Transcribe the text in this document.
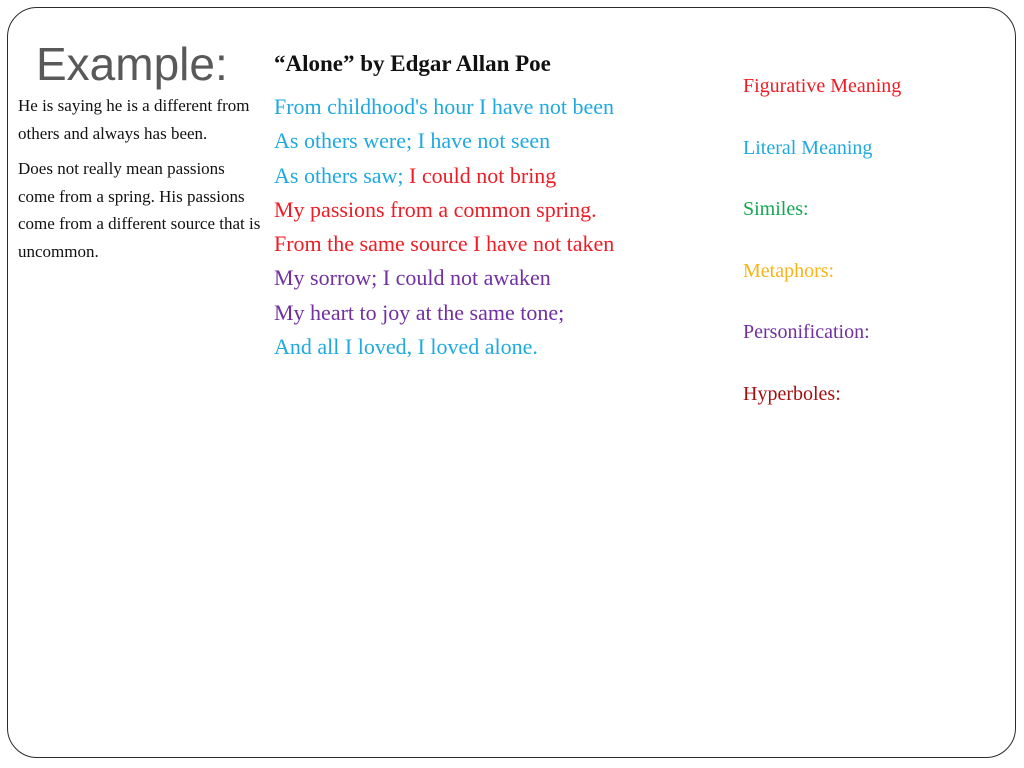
Example:

He is saying he is a different from others and always has been.

Does not really mean passions come from a spring. His passions come from a different source that is uncommon.

“Alone” by Edgar Allan Poe
From childhood's hour I have not been
As others were; I have not seen
As others saw; I could not bring
My passions from a common spring.
From the same source I have not taken
My sorrow; I could not awaken
My heart to joy at the same tone;
And all I loved, I loved alone.
Figurative Meaning
Literal Meaning
Similes:
Metaphors:
Personification:
Hyperboles:
